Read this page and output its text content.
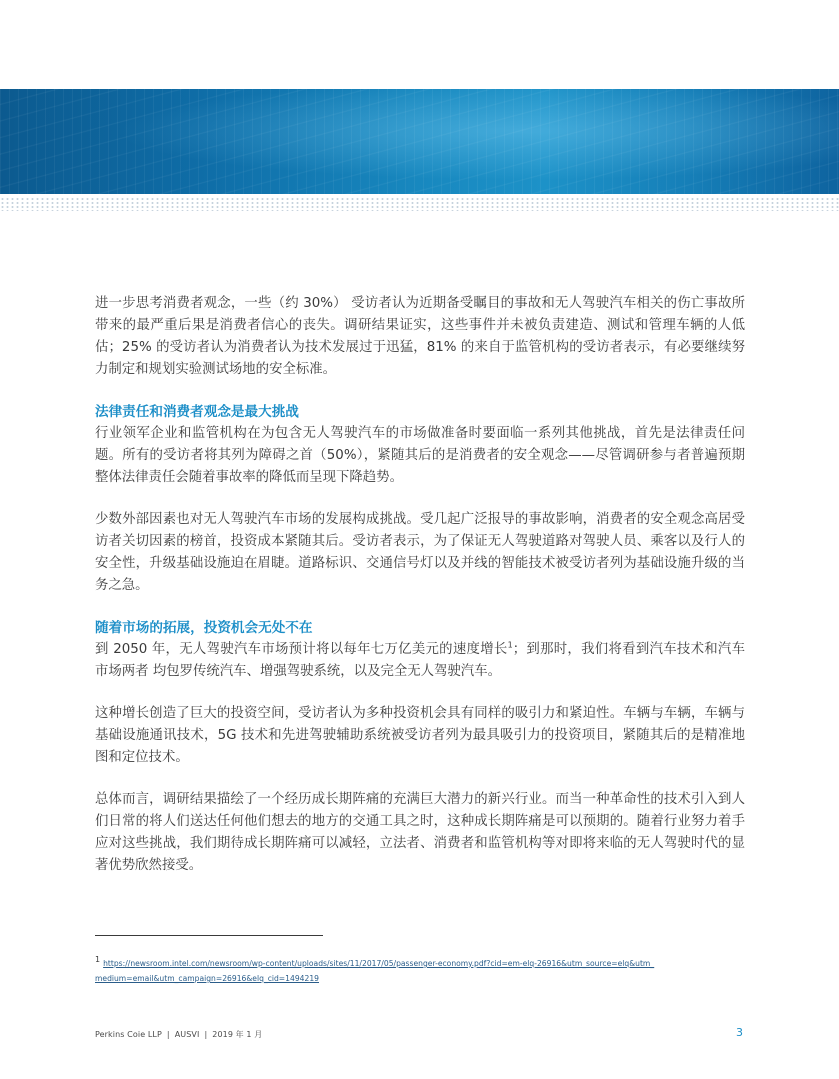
进一步思考消费者观念，一些（约 30%） 受访者认为近期备受瞩目的事故和无人驾驶汽车相关的伤亡事故所带来的最严重后果是消费者信心的丧失。调研结果证实，这些事件并未被负责建造、测试和管理车辆的人低估；25% 的受访者认为消费者认为技术发展过于迅猛，81% 的来自于监管机构的受访者表示，有必要继续努力制定和规划实验测试场地的安全标准。

法律责任和消费者观念是最大挑战

行业领军企业和监管机构在为包含无人驾驶汽车的市场做准备时要面临一系列其他挑战，首先是法律责任问题。所有的受访者将其列为障碍之首（50%），紧随其后的是消费者的安全观念——尽管调研参与者普遍预期整体法律责任会随着事故率的降低而呈现下降趋势。

少数外部因素也对无人驾驶汽车市场的发展构成挑战。受几起广泛报导的事故影响，消费者的安全观念高居受访者关切因素的榜首，投资成本紧随其后。受访者表示，为了保证无人驾驶道路对驾驶人员、乘客以及行人的安全性，升级基础设施迫在眉睫。道路标识、交通信号灯以及并线的智能技术被受访者列为基础设施升级的当务之急。

随着市场的拓展，投资机会无处不在

到 2050 年，无人驾驶汽车市场预计将以每年七万亿美元的速度增长$^1$；到那时，我们将看到汽车技术和汽车市场两者 均包罗传统汽车、增强驾驶系统，以及完全无人驾驶汽车。

这种增长创造了巨大的投资空间，受访者认为多种投资机会具有同样的吸引力和紧迫性。车辆与车辆，车辆与基础设施通讯技术，5G 技术和先进驾驶辅助系统被受访者列为最具吸引力的投资项目，紧随其后的是精准地图和定位技术。

总体而言，调研结果描绘了一个经历成长期阵痛的充满巨大潜力的新兴行业。而当一种革命性的技术引入到人们日常的将人们送达任何他们想去的地方的交通工具之时，这种成长期阵痛是可以预期的。随着行业努力着手应对这些挑战，我们期待成长期阵痛可以减轻，立法者、消费者和监管机构等对即将来临的无人驾驶时代的显著优势欣然接受。

$^1$ https://newsroom.intel.com/newsroom/wp-content/uploads/sites/11/2017/05/passenger-economy.pdf?cid=em-elq-26916&utm_source=elq&utm_
medium=email&utm_campaign=26916&elq_cid=1494219
Perkins Coie LLP | AUSVI | 2019 年 1 月	3
